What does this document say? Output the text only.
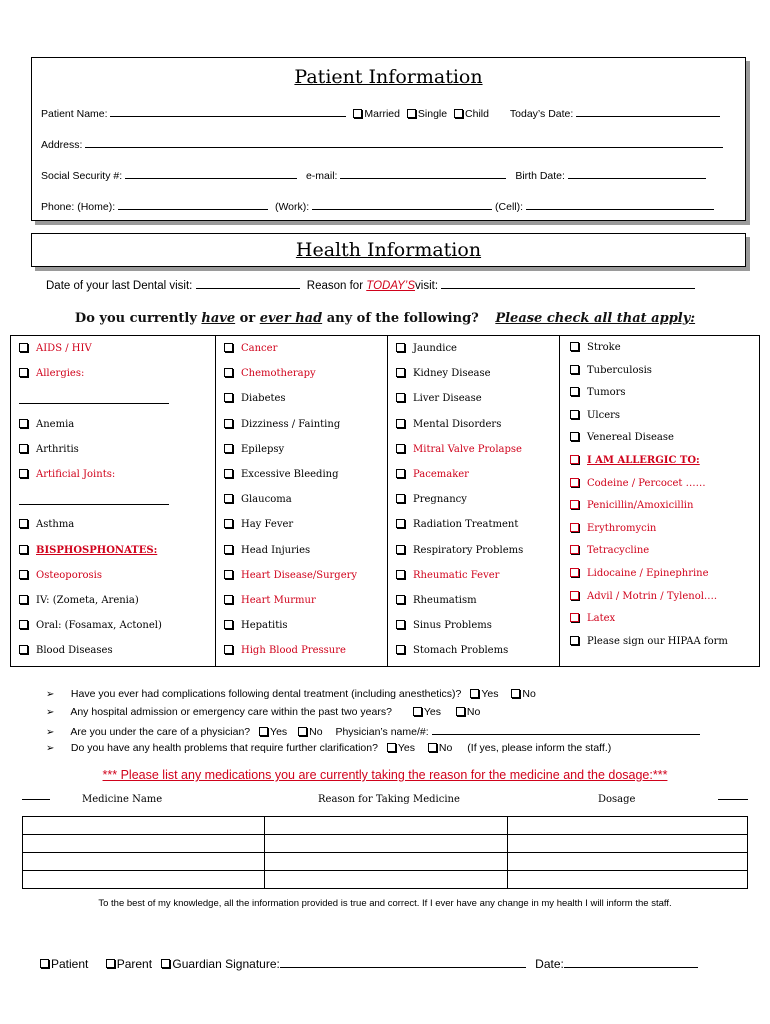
Patient Information
Patient Name:	Married Single Child Today’s Date:
Address:
Social Security #:	e-mail:	Birth Date:
Phone: (Home):	(Work):	(Cell):
Health Information
Date of your last Dental visit:	Reason for TODAY’Svisit:
Do you currently have or ever had any of the following? Please check all that apply:
AIDS / HIV
Allergies:
Anemia
Arthritis
Artificial Joints:
Asthma
BISPHOSPHONATES:
Osteoporosis
IV: (Zometa, Arenia)
Oral: (Fosamax, Actonel)
Blood Diseases
Cancer
Chemotherapy
Diabetes
Dizziness / Fainting
Epilepsy
Excessive Bleeding
Glaucoma
Hay Fever
Head Injuries
Heart Disease/Surgery
Heart Murmur
Hepatitis
High Blood Pressure
Jaundice
Kidney Disease
Liver Disease
Mental Disorders
Mitral Valve Prolapse
Pacemaker
Pregnancy
Radiation Treatment
Respiratory Problems
Rheumatic Fever
Rheumatism
Sinus Problems
Stomach Problems
Stroke
Tuberculosis
Tumors
Ulcers
Venereal Disease
I AM ALLERGIC TO:
Codeine / Percocet ……
Penicillin/Amoxicillin
Erythromycin
Tetracycline
Lidocaine / Epinephrine
Advil / Motrin / Tylenol….
Latex
Please sign our HIPAA form
➢ Have you ever had complications following dental treatment (including anesthetics)? Yes No
➢ Any hospital admission or emergency care within the past two years?	Yes No
➢ Are you under the care of a physician? Yes No Physician’s name/#:
➢ Do you have any health problems that require further clarification? Yes No (If yes, please inform the staff.)
*** Please list any medications you are currently taking the reason for the medicine and the dosage:***
Medicine Name	Reason for Taking Medicine	Dosage

To the best of my knowledge, all the information provided is true and correct. If I ever have any change in my health I will inform the staff.
Patient Parent Guardian Signature:	Date:
